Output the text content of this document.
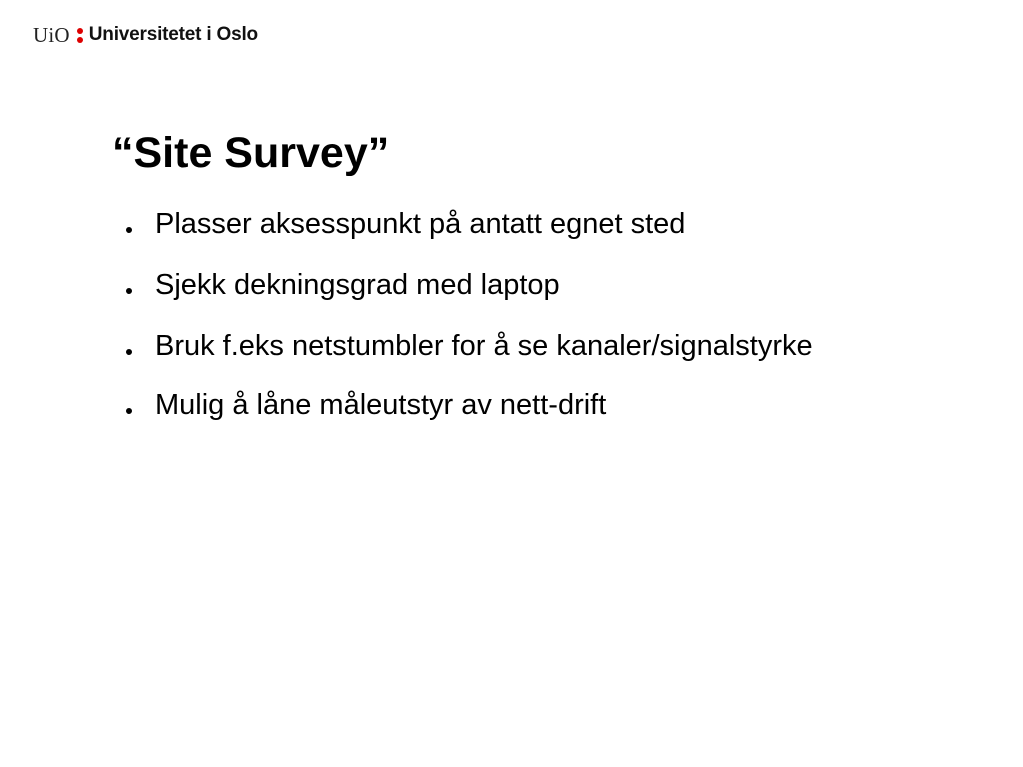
UiO Universitetet i Oslo
“Site Survey”
Plasser aksesspunkt på antatt egnet sted
Sjekk dekningsgrad med laptop
Bruk f.eks netstumbler for å se kanaler/signalstyrke
Mulig å låne måleutstyr av nett-drift
